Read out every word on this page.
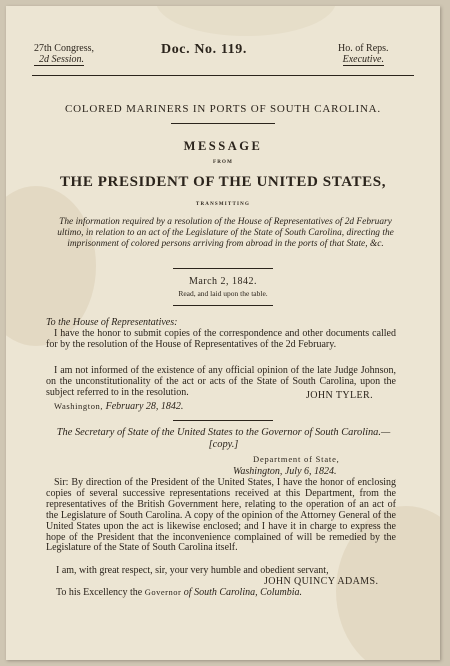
27th Congress,
2d Session.
Doc. No. 119.	Ho. of Reps.
Executive.
COLORED MARINERS IN PORTS OF SOUTH CAROLINA.
MESSAGE
FROM
THE PRESIDENT OF THE UNITED STATES,
TRANSMITTING
The information required by a resolution of the House of Representatives of 2d February ultimo, in relation to an act of the Legislature of the State of South Carolina, directing the imprisonment of colored persons arriving from abroad in the ports of that State, &c.
March 2, 1842.
Read, and laid upon the table.
To the House of Representatives:
I have the honor to submit copies of the correspondence and other documents called for by the resolution of the House of Representatives of the 2d February.
I am not informed of the existence of any official opinion of the late Judge Johnson, on the unconstitutionality of the act or acts of the State of South Carolina, upon the subject referred to in the resolution.	JOHN TYLER.
Washington, February 28, 1842.
The Secretary of State of the United States to the Governor of South Carolina.—[copy.]
Department of State,
Washington, July 6, 1824.
Sir: By direction of the President of the United States, I have the honor of enclosing copies of several successive representations received at this Department, from the representatives of the British Government here, relating to the operation of an act of the Legislature of South Carolina. A copy of the opinion of the Attorney General of the United States upon the act is likewise enclosed; and I have it in charge to express the hope of the President that the inconvenience complained of will be remedied by the Legislature of the State of South Carolina itself.
I am, with great respect, sir, your very humble and obedient servant,
JOHN QUINCY ADAMS.
To his Excellency the Governor of South Carolina, Columbia.
